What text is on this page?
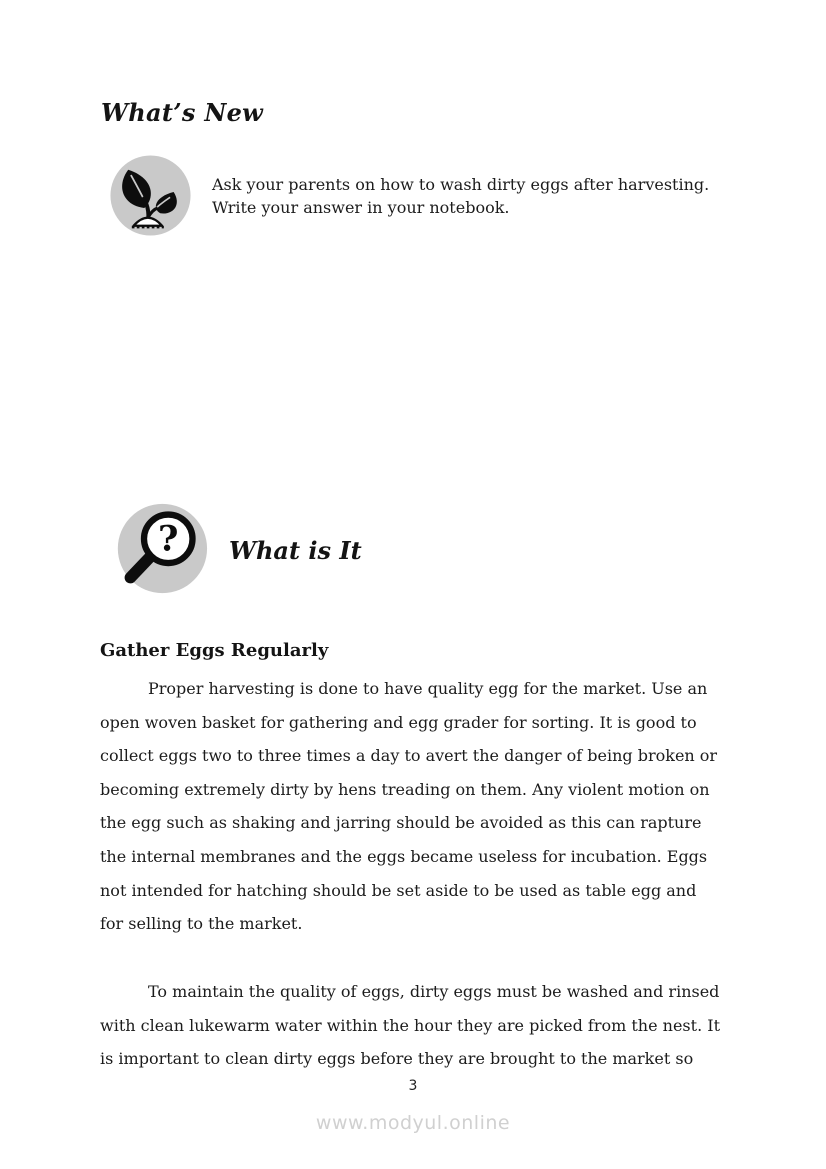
What’s New
Ask your parents on how to wash dirty eggs after harvesting.
Write your answer in your notebook.
? What is It
Gather Eggs Regularly
Proper harvesting is done to have quality egg for the market. Use an
open woven basket for gathering and egg grader for sorting. It is good to
collect eggs two to three times a day to avert the danger of being broken or
becoming extremely dirty by hens treading on them. Any violent motion on
the egg such as shaking and jarring should be avoided as this can rapture
the internal membranes and the eggs became useless for incubation. Eggs
not intended for hatching should be set aside to be used as table egg and
for selling to the market.
To maintain the quality of eggs, dirty eggs must be washed and rinsed
with clean lukewarm water within the hour they are picked from the nest. It
is important to clean dirty eggs before they are brought to the market so
3
www.modyul.online
